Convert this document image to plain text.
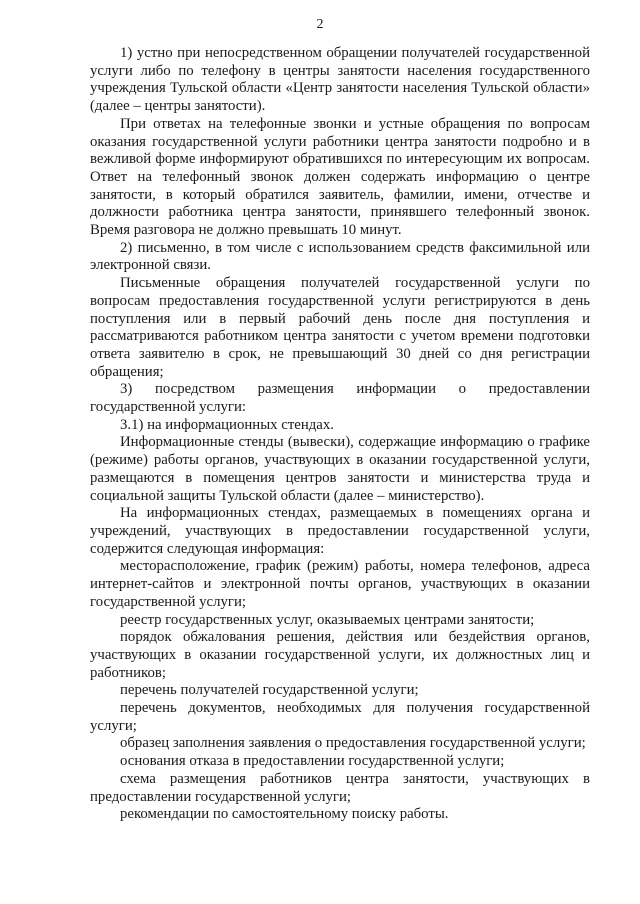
2

1) устно при непосредственном обращении получателей государственной услуги либо по телефону в центры занятости населения государственного учреждения Тульской области «Центр занятости населения Тульской области» (далее – центры занятости).

При ответах на телефонные звонки и устные обращения по вопросам оказания государственной услуги работники центра занятости подробно и в вежливой форме информируют обратившихся по интересующим их вопросам. Ответ на телефонный звонок должен содержать информацию о центре занятости, в который обратился заявитель, фамилии, имени, отчестве и должности работника центра занятости, принявшего телефонный звонок. Время разговора не должно превышать 10 минут.

2) письменно, в том числе с использованием средств факсимильной или электронной связи.

Письменные обращения получателей государственной услуги по вопросам предоставления государственной услуги регистрируются в день поступления или в первый рабочий день после дня поступления и рассматриваются работником центра занятости с учетом времени подготовки ответа заявителю в срок, не превышающий 30 дней со дня регистрации обращения;

3) посредством размещения информации о предоставлении государственной услуги:

3.1) на информационных стендах.

Информационные стенды (вывески), содержащие информацию о графике (режиме) работы органов, участвующих в оказании государственной услуги, размещаются в помещения центров занятости и министерства труда и социальной защиты Тульской области (далее – министерство).

На информационных стендах, размещаемых в помещениях органа и учреждений, участвующих в предоставлении государственной услуги, содержится следующая информация:

месторасположение, график (режим) работы, номера телефонов, адреса интернет-сайтов и электронной почты органов, участвующих в оказании государственной услуги;

реестр государственных услуг, оказываемых центрами занятости;

порядок обжалования решения, действия или бездействия органов, участвующих в оказании государственной услуги, их должностных лиц и работников;

перечень получателей государственной услуги;

перечень документов, необходимых для получения государственной услуги;

образец заполнения заявления о предоставления государственной услуги;

основания отказа в предоставлении государственной услуги;

схема размещения работников центра занятости, участвующих в предоставлении государственной услуги;

рекомендации по самостоятельному поиску работы.
